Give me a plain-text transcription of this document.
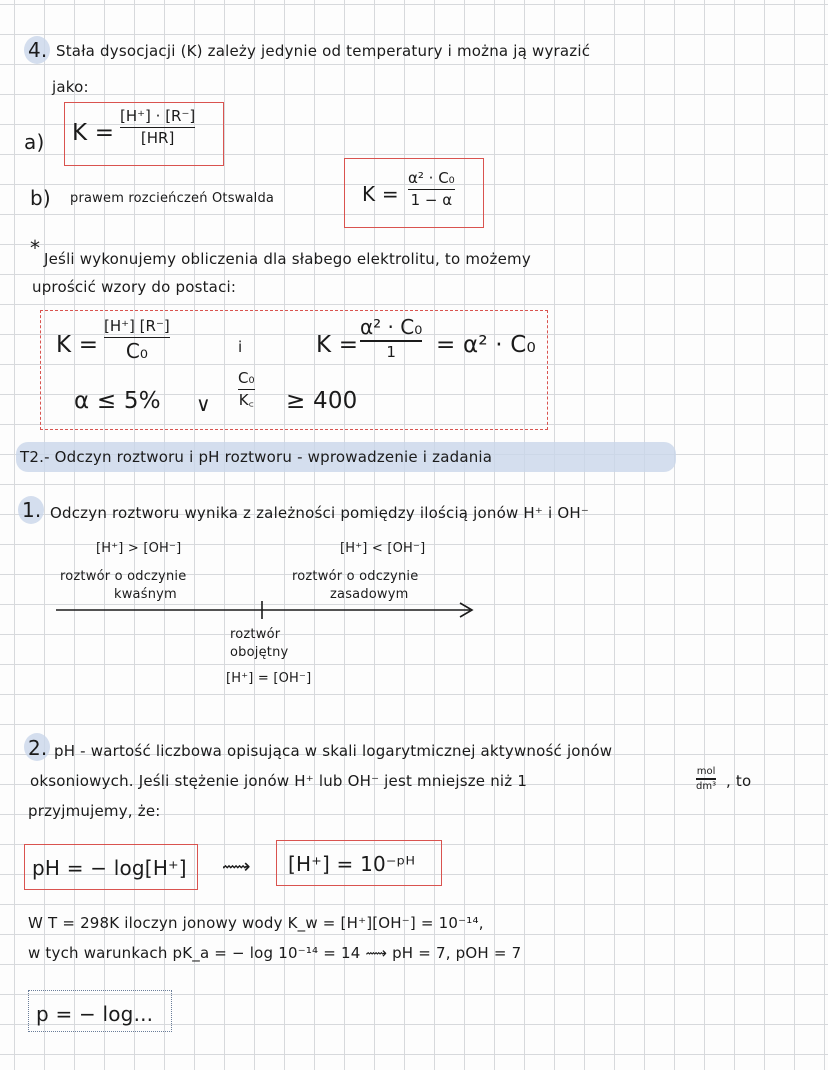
4. Stała dysocjacji (K) zależy jedynie od temperatury i można ją wyrazić
jako:
a) K =
[H⁺] · [R⁻]
[HR]
b) prawem rozcieńczeń Otswalda	K =
α² · C₀
1 − α
* Jeśli wykonujemy obliczenia dla słabego elektrolitu, to możemy
uprościć wzory do postaci:
K =
[H⁺] [R⁻]
C₀	i	K =
α² · C₀
1 = α² · C₀
α ≤ 5% ∨
C₀
K꜀ ≥ 400
T2.- Odczyn roztworu i pH roztworu - wprowadzenie i zadania
1. Odczyn roztworu wynika z zależności pomiędzy ilością jonów H⁺ i OH⁻
[H⁺] > [OH⁻]	[H⁺] < [OH⁻]
roztwór o odczynie
kwaśnym
roztwór o odczynie
zasadowym
roztwór
obojętny
[H⁺] = [OH⁻]
2. pH - wartość liczbowa opisująca w skali logarytmicznej aktywność jonów
oksoniowych. Jeśli stężenie jonów H⁺ lub OH⁻ jest mniejsze niż 1
mol
dm³ , to
przyjmujemy, że:
pH = − log[H⁺] ⟿ [H⁺] = 10⁻ᵖᴴ
W T = 298K iloczyn jonowy wody K_w = [H⁺][OH⁻] = 10⁻¹⁴,
w tych warunkach pK_a = − log 10⁻¹⁴ = 14 ⟿ pH = 7, pOH = 7
p = − log...
